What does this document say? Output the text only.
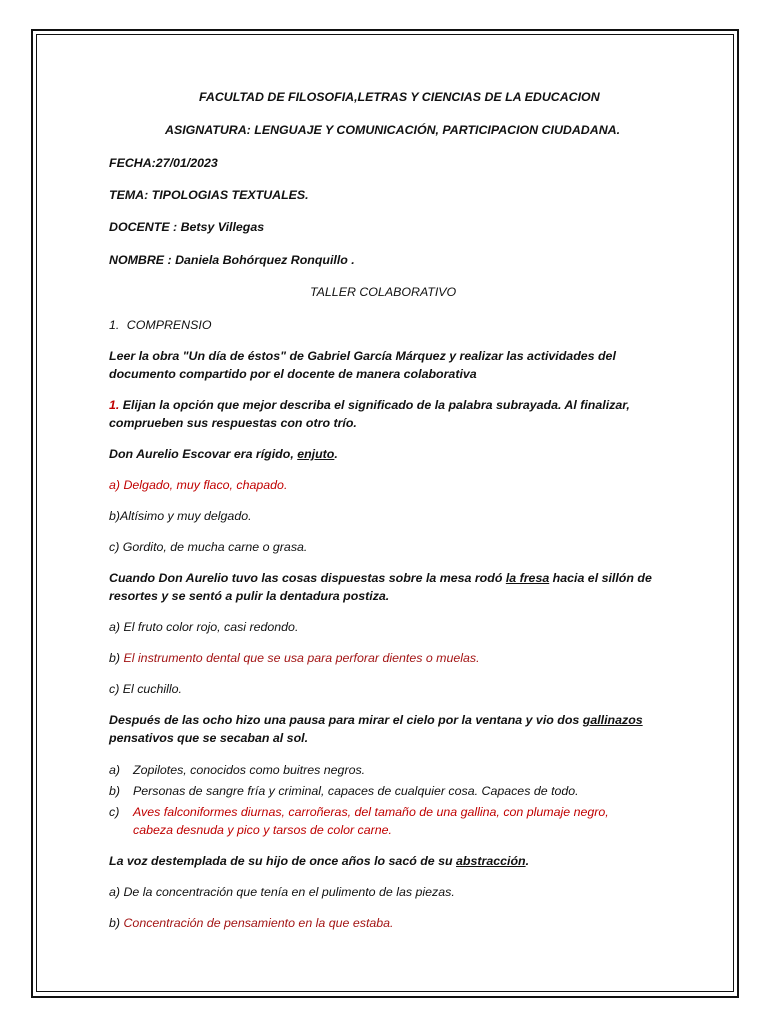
FACULTAD DE FILOSOFIA,LETRAS Y CIENCIAS DE LA EDUCACION
ASIGNATURA: LENGUAJE Y COMUNICACIÓN, PARTICIPACION CIUDADANA.
FECHA:27/01/2023
TEMA: TIPOLOGIAS TEXTUALES.
DOCENTE : Betsy Villegas
NOMBRE : Daniela Bohórquez Ronquillo .
TALLER COLABORATIVO
1. COMPRENSIO
Leer la obra "Un día de éstos" de Gabriel García Márquez y realizar las actividades del
documento compartido por el docente de manera colaborativa
1. Elijan la opción que mejor describa el significado de la palabra subrayada. Al finalizar,
comprueben sus respuestas con otro trío.
Don Aurelio Escovar era rígido, enjuto.
a) Delgado, muy flaco, chapado.
b)Altísimo y muy delgado.
c) Gordito, de mucha carne o grasa.
Cuando Don Aurelio tuvo las cosas dispuestas sobre la mesa rodó la fresa hacia el sillón de
resortes y se sentó a pulir la dentadura postiza.
a) El fruto color rojo, casi redondo.
b) El instrumento dental que se usa para perforar dientes o muelas.
c) El cuchillo.
Después de las ocho hizo una pausa para mirar el cielo por la ventana y vio dos gallinazos
pensativos que se secaban al sol.
a) Zopilotes, conocidos como buitres negros.
b) Personas de sangre fría y criminal, capaces de cualquier cosa. Capaces de todo.
c) Aves falconiformes diurnas, carroñeras, del tamaño de una gallina, con plumaje negro,
cabeza desnuda y pico y tarsos de color carne.
La voz destemplada de su hijo de once años lo sacó de su abstracción.
a) De la concentración que tenía en el pulimento de las piezas.
b) Concentración de pensamiento en la que estaba.
